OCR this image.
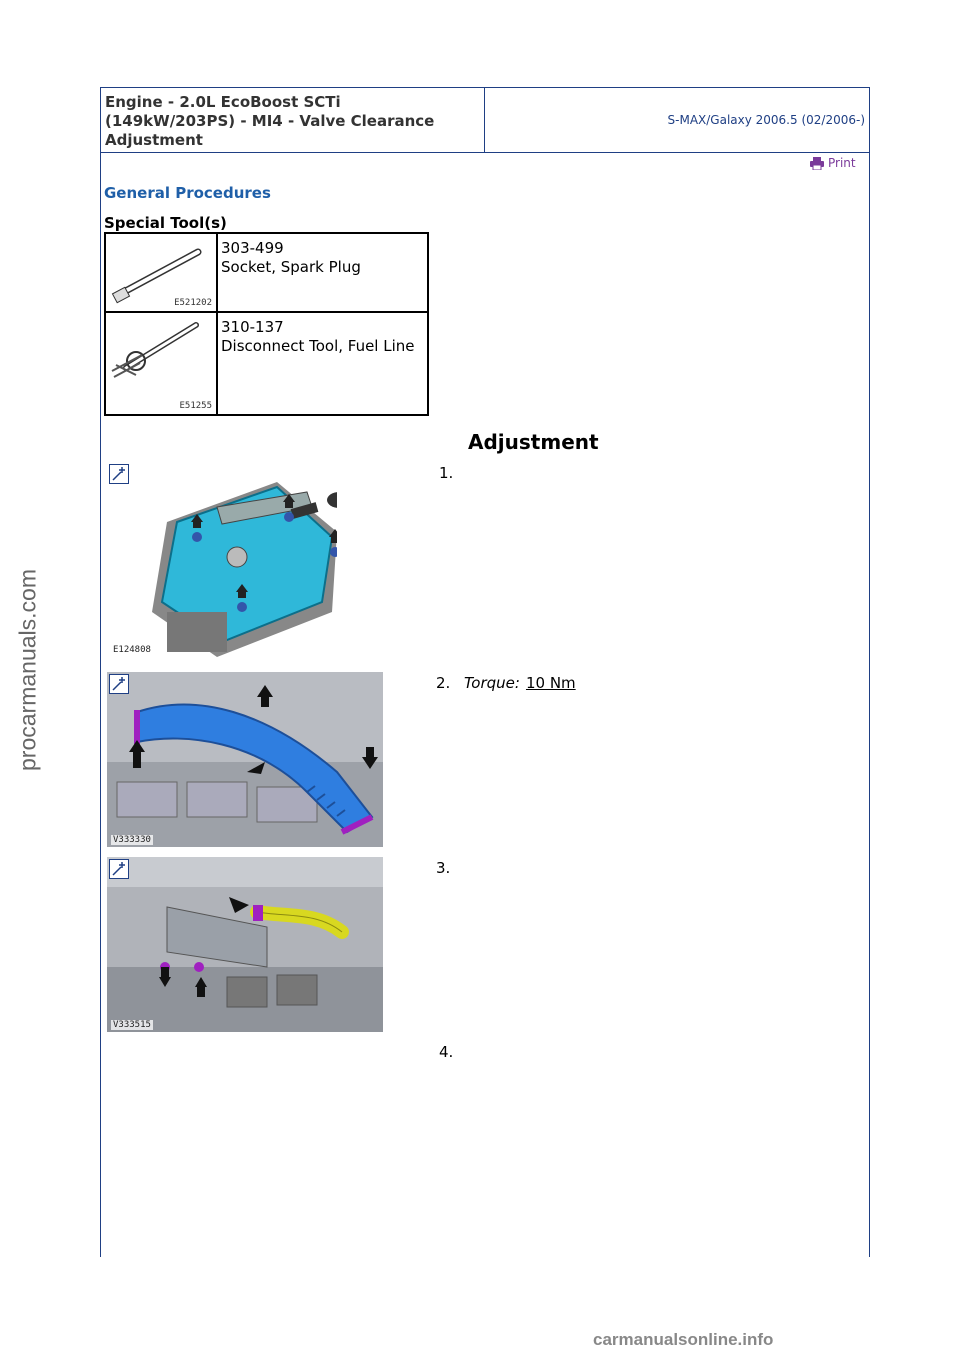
procarmanuals.com
Engine - 2.0L EcoBoost SCTi
(149kW/203PS) - MI4 - Valve Clearance
Adjustment
S-MAX/Galaxy 2006.5 (02/2006-)
Print
General Procedures
Special Tool(s)
E521202
303-499
Socket, Spark Plug
E51255
310-137
Disconnect Tool, Fuel Line
Adjustment
E124808
1.
V333330
2. Torque: 10 Nm
V333515
3.
4.
carmanualsonline.info
